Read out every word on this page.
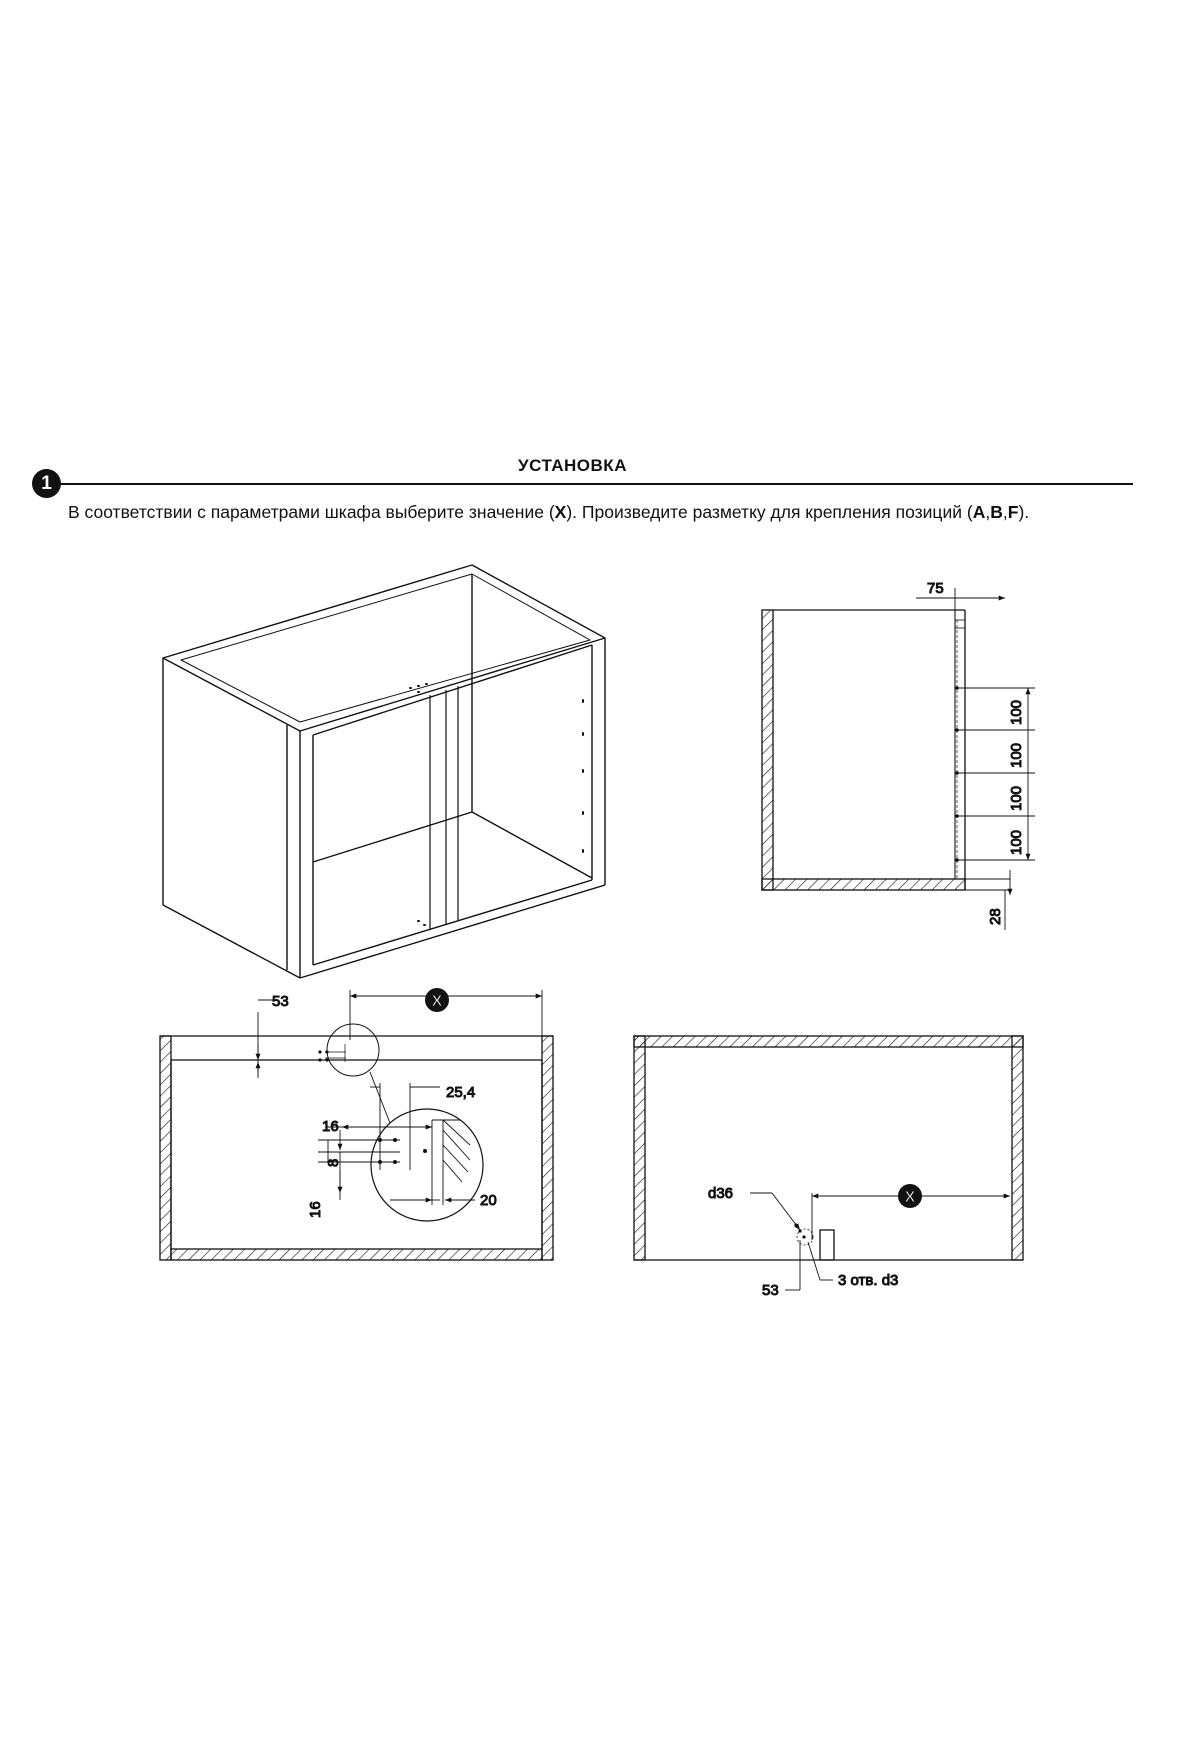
1
УСТАНОВКА
В соответствии с параметрами шкафа выберите значение (X). Произведите разметку для крепления позиций (A,B,F).
75
100
100
100
100
28
X
53
25,4
16
8
16
20	X
d36
53
3 отв. d3
